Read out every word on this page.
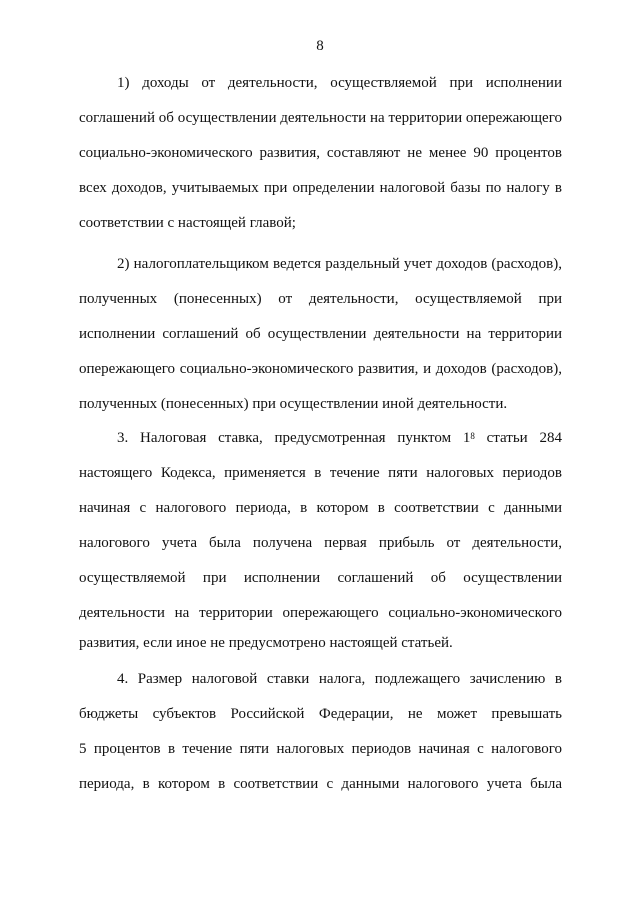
8
1) доходы от деятельности, осуществляемой при исполнении
соглашений об осуществлении деятельности на территории опережающего
социально-экономического развития, составляют не менее 90 процентов
всех доходов, учитываемых при определении налоговой базы по налогу в
соответствии с настоящей главой;
2) налогоплательщиком ведется раздельный учет доходов (расходов),
полученных (понесенных) от деятельности, осуществляемой при
исполнении соглашений об осуществлении деятельности на территории
опережающего социально-экономического развития, и доходов (расходов),
полученных (понесенных) при осуществлении иной деятельности.
3. Налоговая ставка, предусмотренная пунктом $1^8$ статьи 284
настоящего Кодекса, применяется в течение пяти налоговых периодов
начиная с налогового периода, в котором в соответствии с данными
налогового учета была получена первая прибыль от деятельности,
осуществляемой при исполнении соглашений об осуществлении
деятельности на территории опережающего социально-экономического
развития, если иное не предусмотрено настоящей статьей.
4. Размер налоговой ставки налога, подлежащего зачислению в
бюджеты субъектов Российской Федерации, не может превышать
5 процентов в течение пяти налоговых периодов начиная с налогового
периода, в котором в соответствии с данными налогового учета была
